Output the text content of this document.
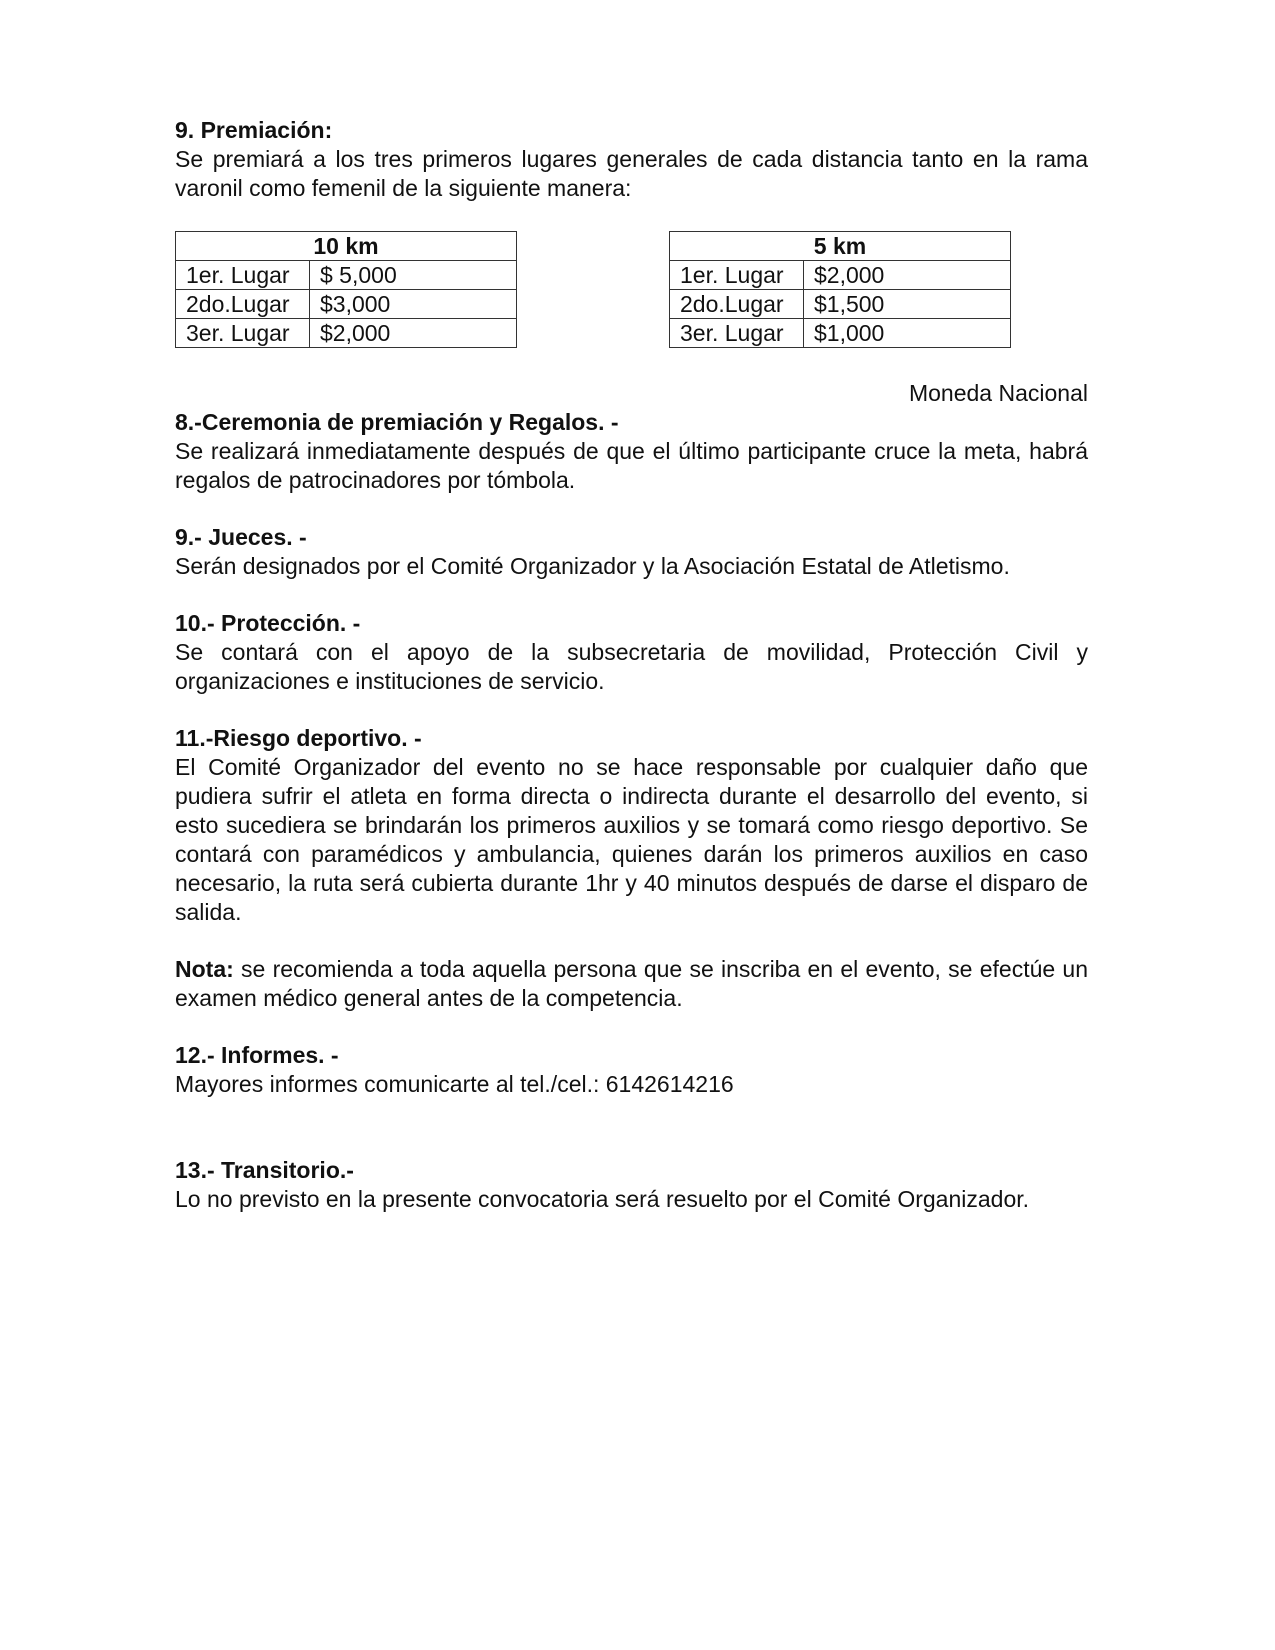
9. Premiación:

Se premiará a los tres primeros lugares generales de cada distancia tanto en la rama varonil como femenil de la siguiente manera:

10 km	
1er. Lugar	$ 5,000
2do.Lugar	$3,000
3er. Lugar	$2,000
5 km	
1er. Lugar	$2,000
2do.Lugar	$1,500
3er. Lugar	$1,000

Moneda Nacional

8.-Ceremonia de premiación y Regalos. -

Se realizará inmediatamente después de que el último participante cruce la meta, habrá regalos de patrocinadores por tómbola.

9.- Jueces. -

Serán designados por el Comité Organizador y la Asociación Estatal de Atletismo.

10.- Protección. -

Se contará con el apoyo de la subsecretaria de movilidad, Protección Civil y organizaciones e instituciones de servicio.

11.-Riesgo deportivo. -

El Comité Organizador del evento no se hace responsable por cualquier daño que pudiera sufrir el atleta en forma directa o indirecta durante el desarrollo del evento, si esto sucediera se brindarán los primeros auxilios y se tomará como riesgo deportivo. Se contará con paramédicos y ambulancia, quienes darán los primeros auxilios en caso necesario, la ruta será cubierta durante 1hr y 40 minutos después de darse el disparo de salida.

Nota: se recomienda a toda aquella persona que se inscriba en el evento, se efectúe un examen médico general antes de la competencia.

12.- Informes. -

Mayores informes comunicarte al tel./cel.: 6142614216

13.- Transitorio.-

Lo no previsto en la presente convocatoria será resuelto por el Comité Organizador.
